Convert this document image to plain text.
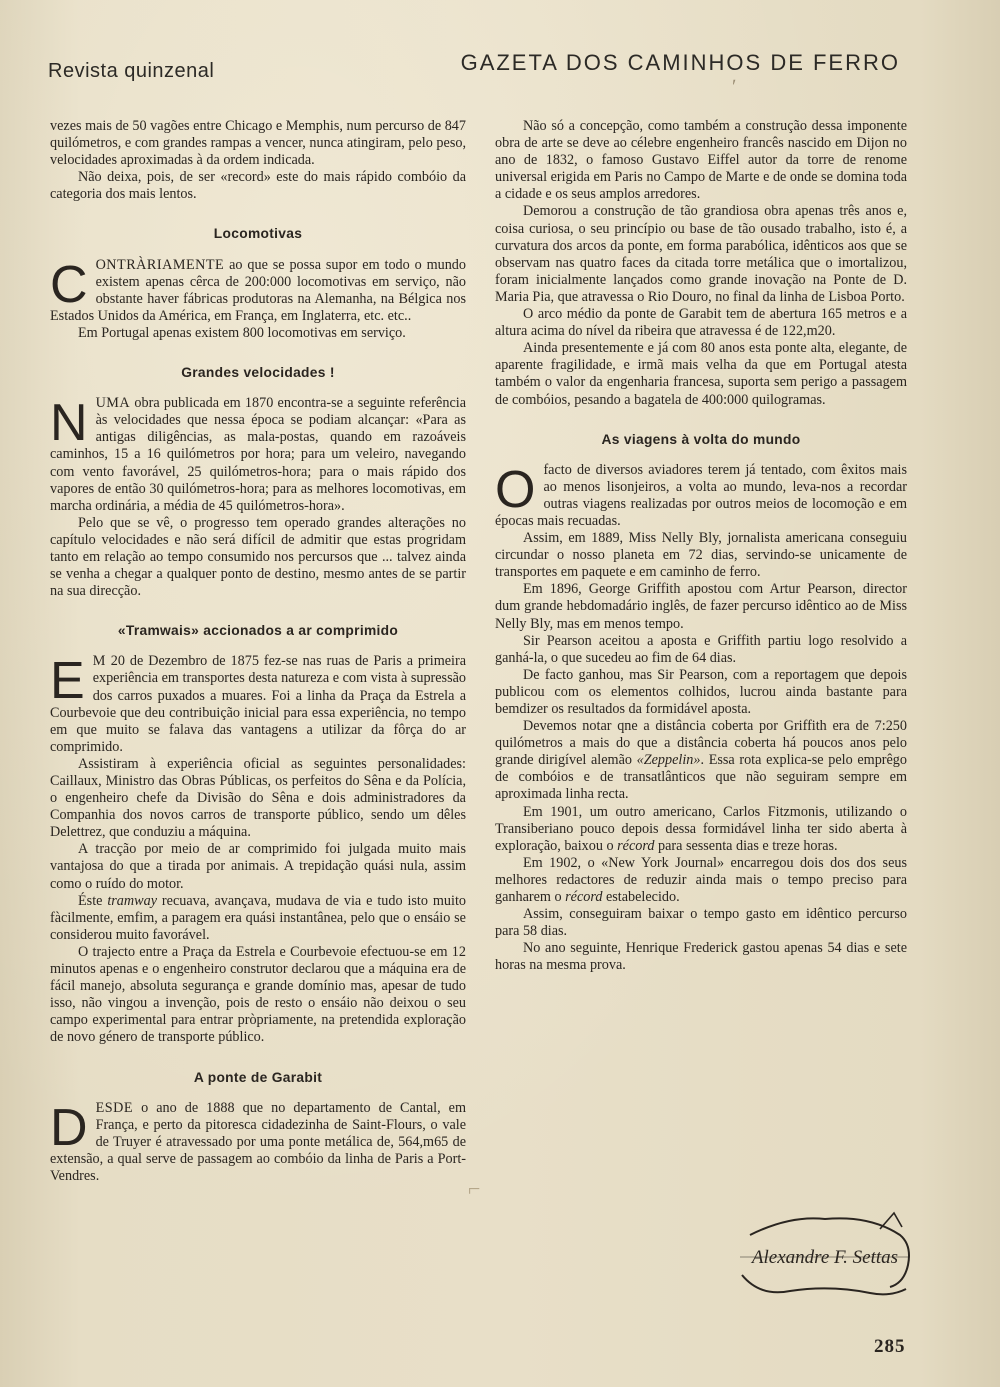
Revista quinzenal	GAZETA DOS CAMINHOS DE FERRO
ʹ

vezes mais de 50 vagões entre Chicago e Memphis, num percurso de 847 quilómetros, e com grandes rampas a vencer, nunca atingiram, pelo peso, velocidades aproximadas à da ordem indicada.

Não deixa, pois, de ser «record» este do mais rápido combóio da categoria dos mais lentos.

Locomotivas
C ONTRÀRIAMENTE ao que se possa supor em todo o mundo existem apenas cêrca de 200:000 locomotivas em serviço, não obstante haver fábricas produtoras na Alemanha, na Bélgica nos Estados Unidos da América, em França, em Inglaterra, etc. etc..

Em Portugal apenas existem 800 locomotivas em serviço.

Grandes velocidades !
N UMA obra publicada em 1870 encontra-se a seguinte referência às velocidades que nessa época se podiam alcançar: «Para as antigas diligências, as mala-postas, quando em razoáveis caminhos, 15 a 16 quilómetros por hora; para um veleiro, navegando com vento favorável, 25 quilómetros-hora; para o mais rápido dos vapores de então 30 quilómetros-hora; para as melhores locomotivas, em marcha ordinária, a média de 45 quilómetros-hora».

Pelo que se vê, o progresso tem operado grandes alterações no capítulo velocidades e não será difícil de admitir que estas progridam tanto em relação ao tempo consumido nos percursos que ... talvez ainda se venha a chegar a qualquer ponto de destino, mesmo antes de se partir na sua direcção.

«Tramwais» accionados a ar comprimido
E M 20 de Dezembro de 1875 fez-se nas ruas de Paris a primeira experiência em transportes desta natureza e com vista à supressão dos carros puxados a muares. Foi a linha da Praça da Estrela a Courbevoie que deu contribuição inicial para essa experiência, no tempo em que muito se falava das vantagens a utilizar da fôrça do ar comprimido.

Assistiram à experiência oficial as seguintes personalidades: Caillaux, Ministro das Obras Públicas, os perfeitos do Sêna e da Polícia, o engenheiro chefe da Divisão do Sêna e dois administradores da Companhia dos novos carros de transporte público, sendo um dêles Delettrez, que conduziu a máquina.

A tracção por meio de ar comprimido foi julgada muito mais vantajosa do que a tirada por animais. A trepidação quási nula, assim como o ruído do motor.

Éste tramway recuava, avançava, mudava de via e tudo isto muito fàcilmente, emfim, a paragem era quási instantânea, pelo que o ensáio se considerou muito favorável.

O trajecto entre a Praça da Estrela e Courbevoie efectuou-se em 12 minutos apenas e o engenheiro construtor declarou que a máquina era de fácil manejo, absoluta segurança e grande domínio mas, apesar de tudo isso, não vingou a invenção, pois de resto o ensáio não deixou o seu campo experimental para entrar pròpriamente, na pretendida exploração de novo género de transporte público.

A ponte de Garabit
D ESDE o ano de 1888 que no departamento de Cantal, em França, e perto da pitoresca cidadezinha de Saint-Flours, o vale de Truyer é atravessado por uma ponte metálica de, 564,m65 de extensão, a qual serve de passagem ao combóio da linha de Paris a Port-Vendres.

Não só a concepção, como também a construção dessa imponente obra de arte se deve ao célebre engenheiro francês nascido em Dijon no ano de 1832, o famoso Gustavo Eiffel autor da torre de renome universal erigida em Paris no Campo de Marte e de onde se domina toda a cidade e os seus amplos arredores.

Demorou a construção de tão grandiosa obra apenas três anos e, coisa curiosa, o seu princípio ou base de tão ousado trabalho, isto é, a curvatura dos arcos da ponte, em forma parabólica, idênticos aos que se observam nas quatro faces da citada torre metálica que o imortalizou, foram inicialmente lançados como grande inovação na Ponte de D. Maria Pia, que atravessa o Rio Douro, no final da linha de Lisboa Porto.

O arco médio da ponte de Garabit tem de abertura 165 metros e a altura acima do nível da ribeira que atravessa é de 122,m20.

Ainda presentemente e já com 80 anos esta ponte alta, elegante, de aparente fragilidade, e irmã mais velha da que em Portugal atesta também o valor da engenharia francesa, suporta sem perigo a passagem de combóios, pesando a bagatela de 400:000 quilogramas.

As viagens à volta do mundo
O facto de diversos aviadores terem já tentado, com êxitos mais ao menos lisonjeiros, a volta ao mundo, leva-nos a recordar outras viagens realizadas por outros meios de locomoção e em épocas mais recuadas.

Assim, em 1889, Miss Nelly Bly, jornalista americana conseguiu circundar o nosso planeta em 72 dias, servindo-se unicamente de transportes em paquete e em caminho de ferro.

Em 1896, George Griffith apostou com Artur Pearson, director dum grande hebdomadário inglês, de fazer percurso idêntico ao de Miss Nelly Bly, mas em menos tempo.

Sir Pearson aceitou a aposta e Griffith partiu logo resolvido a ganhá-la, o que sucedeu ao fim de 64 dias.

De facto ganhou, mas Sir Pearson, com a reportagem que depois publicou com os elementos colhidos, lucrou ainda bastante para bemdizer os resultados da formidável aposta.

Devemos notar qne a distância coberta por Griffith era de 7:250 quilómetros a mais do que a distância coberta há poucos anos pelo grande dirigível alemão «Zeppelin». Essa rota explica-se pelo emprêgo de combóios e de transatlânticos que não seguiram sempre em aproximada linha recta.

Em 1901, um outro americano, Carlos Fitzmonis, utilizando o Transiberiano pouco depois dessa formidável linha ter sido aberta à exploração, baixou o récord para sessenta dias e treze horas.

Em 1902, o «New York Journal» encarregou dois dos dos seus melhores redactores de reduzir ainda mais o tempo preciso para ganharem o récord estabelecido.

Assim, conseguiram baixar o tempo gasto em idêntico percurso para 58 dias.

No ano seguinte, Henrique Frederick gastou apenas 54 dias e sete horas na mesma prova.

⌐
Alexandre F. Settas
285
